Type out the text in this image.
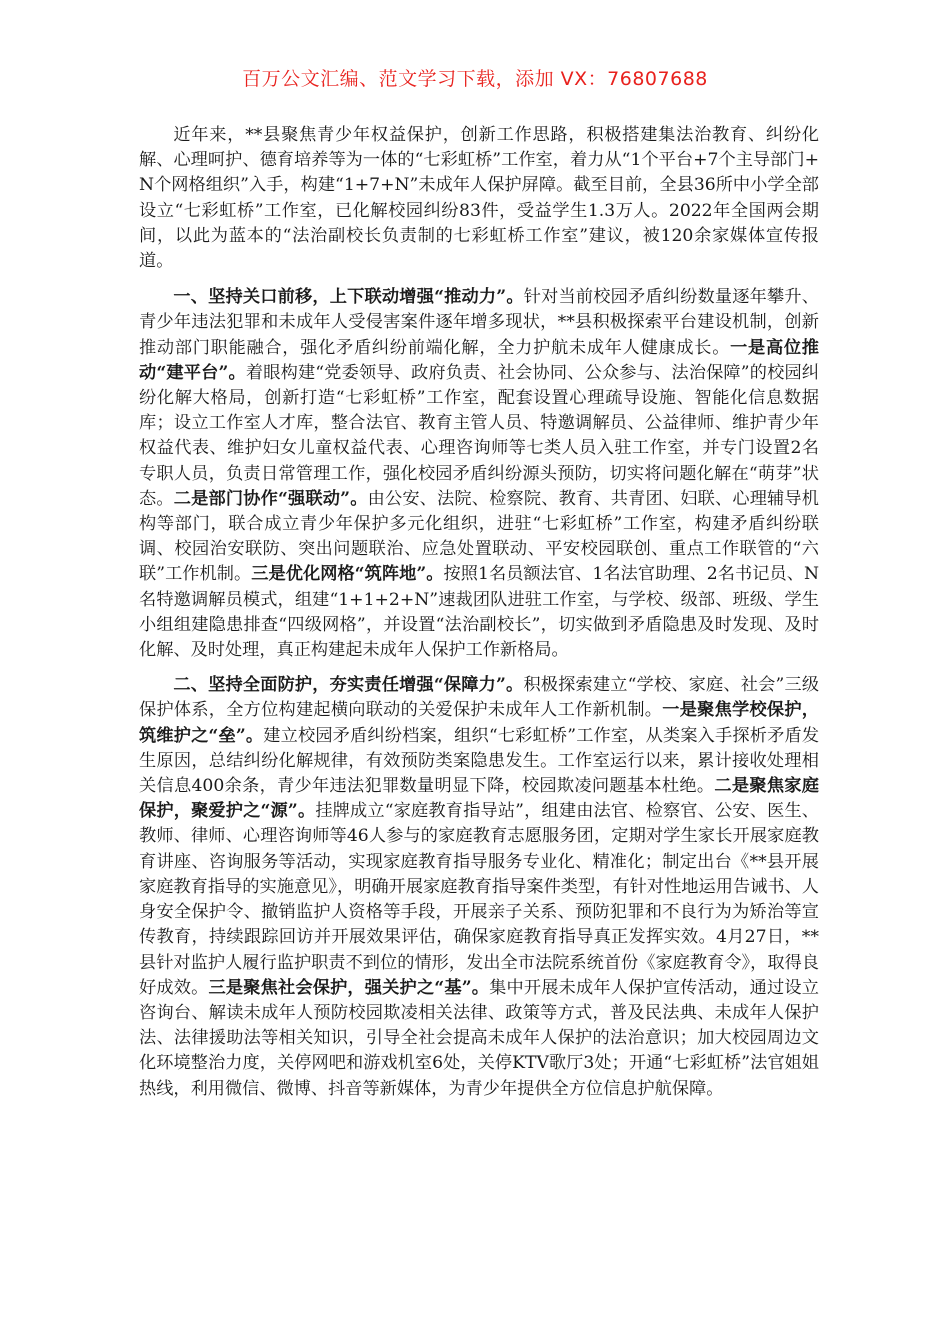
百万公文汇编、范文学习下载，添加 VX：76807688

近年来，**县聚焦青少年权益保护，创新工作思路，积极搭建集法治教育、纠纷化解、心理呵护、德育培养等为一体的“七彩虹桥”工作室，着力从“1个平台+7个主导部门+N个网格组织”入手，构建“1+7+N”未成年人保护屏障。截至目前，全县36所中小学全部设立“七彩虹桥”工作室，已化解校园纠纷83件，受益学生1.3万人。2022年全国两会期间，以此为蓝本的“法治副校长负责制的七彩虹桥工作室”建议，被120余家媒体宣传报道。

一、坚持关口前移，上下联动增强“推动力”。针对当前校园矛盾纠纷数量逐年攀升、青少年违法犯罪和未成年人受侵害案件逐年增多现状，**县积极探索平台建设机制，创新推动部门职能融合，强化矛盾纠纷前端化解，全力护航未成年人健康成长。一是高位推动“建平台”。着眼构建“党委领导、政府负责、社会协同、公众参与、法治保障”的校园纠纷化解大格局，创新打造“七彩虹桥”工作室，配套设置心理疏导设施、智能化信息数据库；设立工作室人才库，整合法官、教育主管人员、特邀调解员、公益律师、维护青少年权益代表、维护妇女儿童权益代表、心理咨询师等七类人员入驻工作室，并专门设置2名专职人员，负责日常管理工作，强化校园矛盾纠纷源头预防，切实将问题化解在“萌芽”状态。二是部门协作“强联动”。由公安、法院、检察院、教育、共青团、妇联、心理辅导机构等部门，联合成立青少年保护多元化组织，进驻“七彩虹桥”工作室，构建矛盾纠纷联调、校园治安联防、突出问题联治、应急处置联动、平安校园联创、重点工作联管的“六联”工作机制。三是优化网格“筑阵地”。按照1名员额法官、1名法官助理、2名书记员、N名特邀调解员模式，组建“1+1+2+N”速裁团队进驻工作室，与学校、级部、班级、学生小组组建隐患排查“四级网格”，并设置“法治副校长”，切实做到矛盾隐患及时发现、及时化解、及时处理，真正构建起未成年人保护工作新格局。

二、坚持全面防护，夯实责任增强“保障力”。积极探索建立“学校、家庭、社会”三级保护体系，全方位构建起横向联动的关爱保护未成年人工作新机制。一是聚焦学校保护，筑维护之“垒”。建立校园矛盾纠纷档案，组织“七彩虹桥”工作室，从类案入手探析矛盾发生原因，总结纠纷化解规律，有效预防类案隐患发生。工作室运行以来，累计接收处理相关信息400余条，青少年违法犯罪数量明显下降，校园欺凌问题基本杜绝。二是聚焦家庭保护，聚爱护之“源”。挂牌成立“家庭教育指导站”，组建由法官、检察官、公安、医生、教师、律师、心理咨询师等46人参与的家庭教育志愿服务团，定期对学生家长开展家庭教育讲座、咨询服务等活动，实现家庭教育指导服务专业化、精准化；制定出台《**县开展家庭教育指导的实施意见》，明确开展家庭教育指导案件类型，有针对性地运用告诫书、人身安全保护令、撤销监护人资格等手段，开展亲子关系、预防犯罪和不良行为为矫治等宣传教育，持续跟踪回访并开展效果评估，确保家庭教育指导真正发挥实效。4月27日，**县针对监护人履行监护职责不到位的情形，发出全市法院系统首份《家庭教育令》，取得良好成效。三是聚焦社会保护，强关护之“基”。集中开展未成年人保护宣传活动，通过设立咨询台、解读未成年人预防校园欺凌相关法律、政策等方式，普及民法典、未成年人保护法、法律援助法等相关知识，引导全社会提高未成年人保护的法治意识；加大校园周边文化环境整治力度，关停网吧和游戏机室6处，关停KTV歌厅3处；开通“七彩虹桥”法官姐姐热线，利用微信、微博、抖音等新媒体，为青少年提供全方位信息护航保障。
